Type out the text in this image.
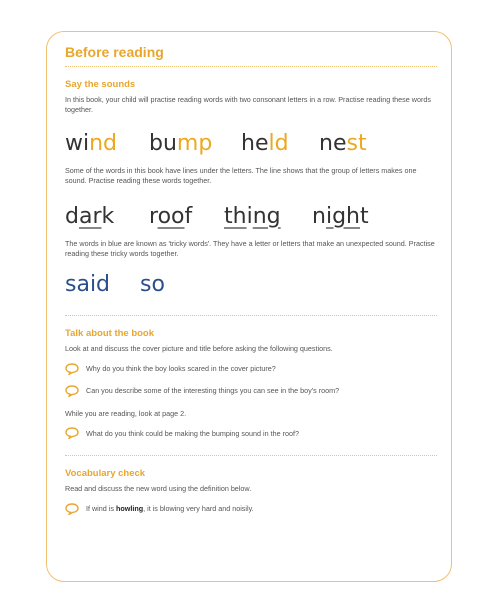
Before reading
Say the sounds

In this book, your child will practise reading words with two consonant letters in a row. Practise reading these words together.

wind	bump	held	nest

Some of the words in this book have lines under the letters. The line shows that the group of letters makes one sound. Practise reading these words together.

dark	roof	thing	night

The words in blue are known as 'tricky words'. They have a letter or letters that make an unexpected sound. Practise reading these tricky words together.

said	so
Talk about the book

Look at and discuss the cover picture and title before asking the following questions.

Why do you think the boy looks scared in the cover picture?
Can you describe some of the interesting things you can see in the boy's room?

While you are reading, look at page 2.

What do you think could be making the bumping sound in the roof?
Vocabulary check

Read and discuss the new word using the definition below.

If wind is howling, it is blowing very hard and noisily.
